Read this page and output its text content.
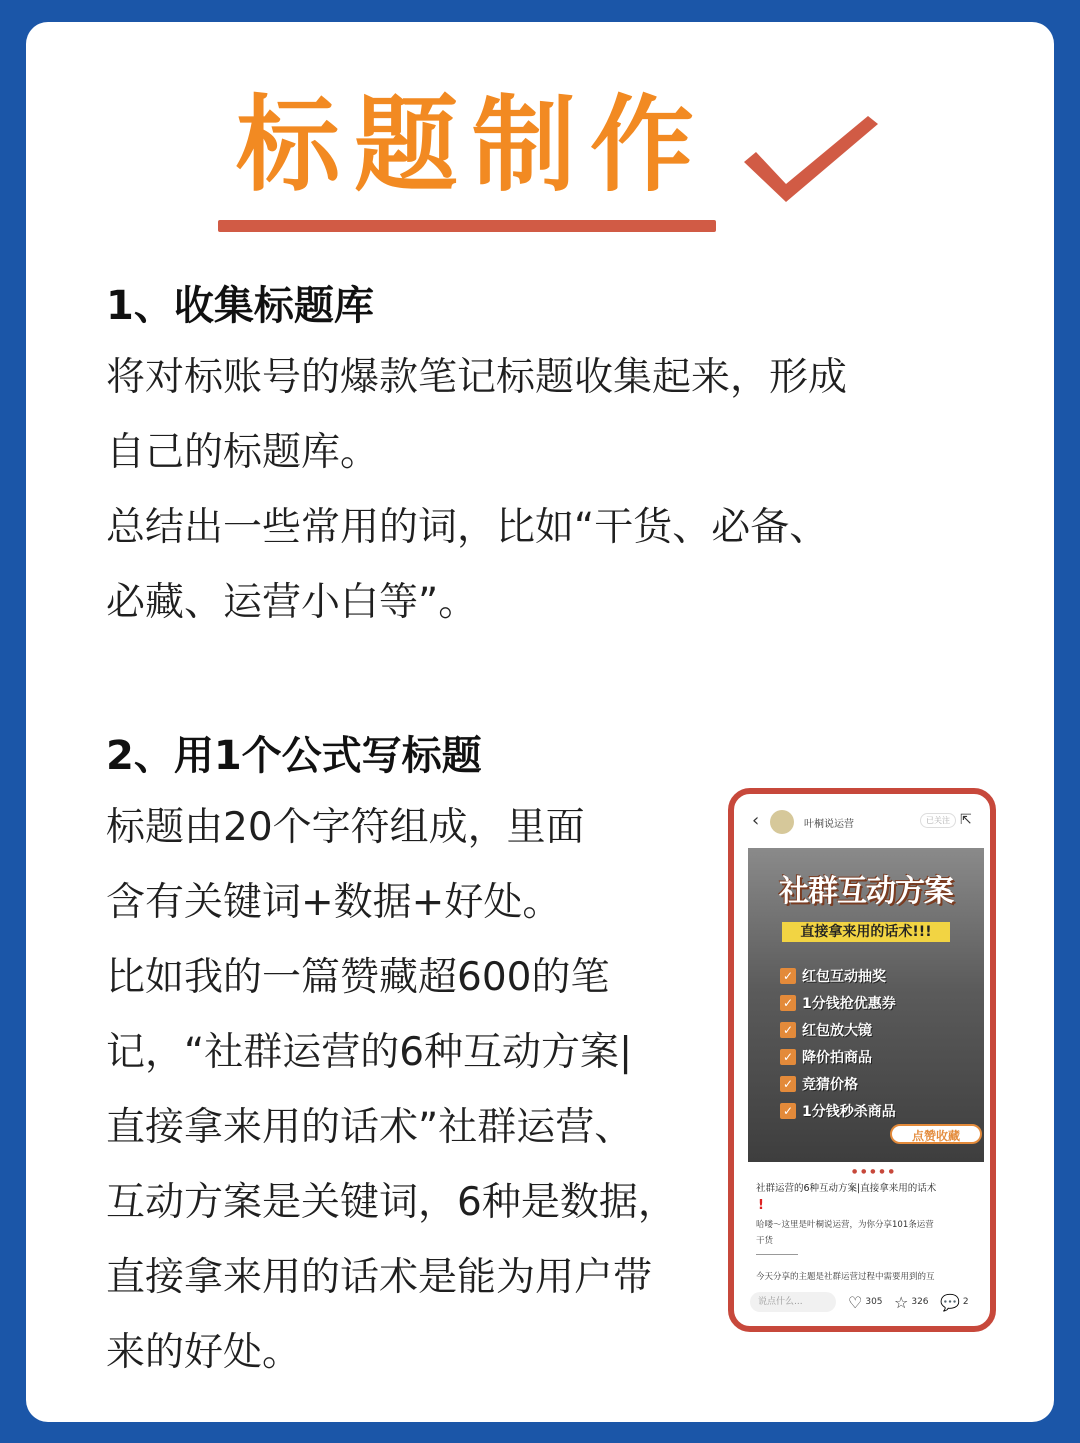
标题制作
1、收集标题库

将对标账号的爆款笔记标题收集起来，形成

自己的标题库。

总结出一些常用的词，比如“干货、必备、

必藏、运营小白等”。

2、用1个公式写标题

标题由20个字符组成，里面

含有关键词+数据+好处。

比如我的一篇赞藏超600的笔

记，“社群运营的6种互动方案|

直接拿来用的话术”社群运营、

互动方案是关键词，6种是数据，

直接拿来用的话术是能为用户带

来的好处。

‹	叶桐说运营	已关注 ⇱
社群互动方案
直接拿来用的话术!!!
✓ 红包互动抽奖
✓ 1分钱抢优惠券
✓ 红包放大镜
✓ 降价拍商品
✓ 竞猜价格
✓ 1分钱秒杀商品
点赞收藏
● ● ● ● ●
社群运营的6种互动方案|直接拿来用的话术
!
哈喽～这里是叶桐说运营，为你分享101条运营
干货
今天分享的主题是社群运营过程中需要用到的互
说点什么...	♡ 305 ☆ 326 💬 2
